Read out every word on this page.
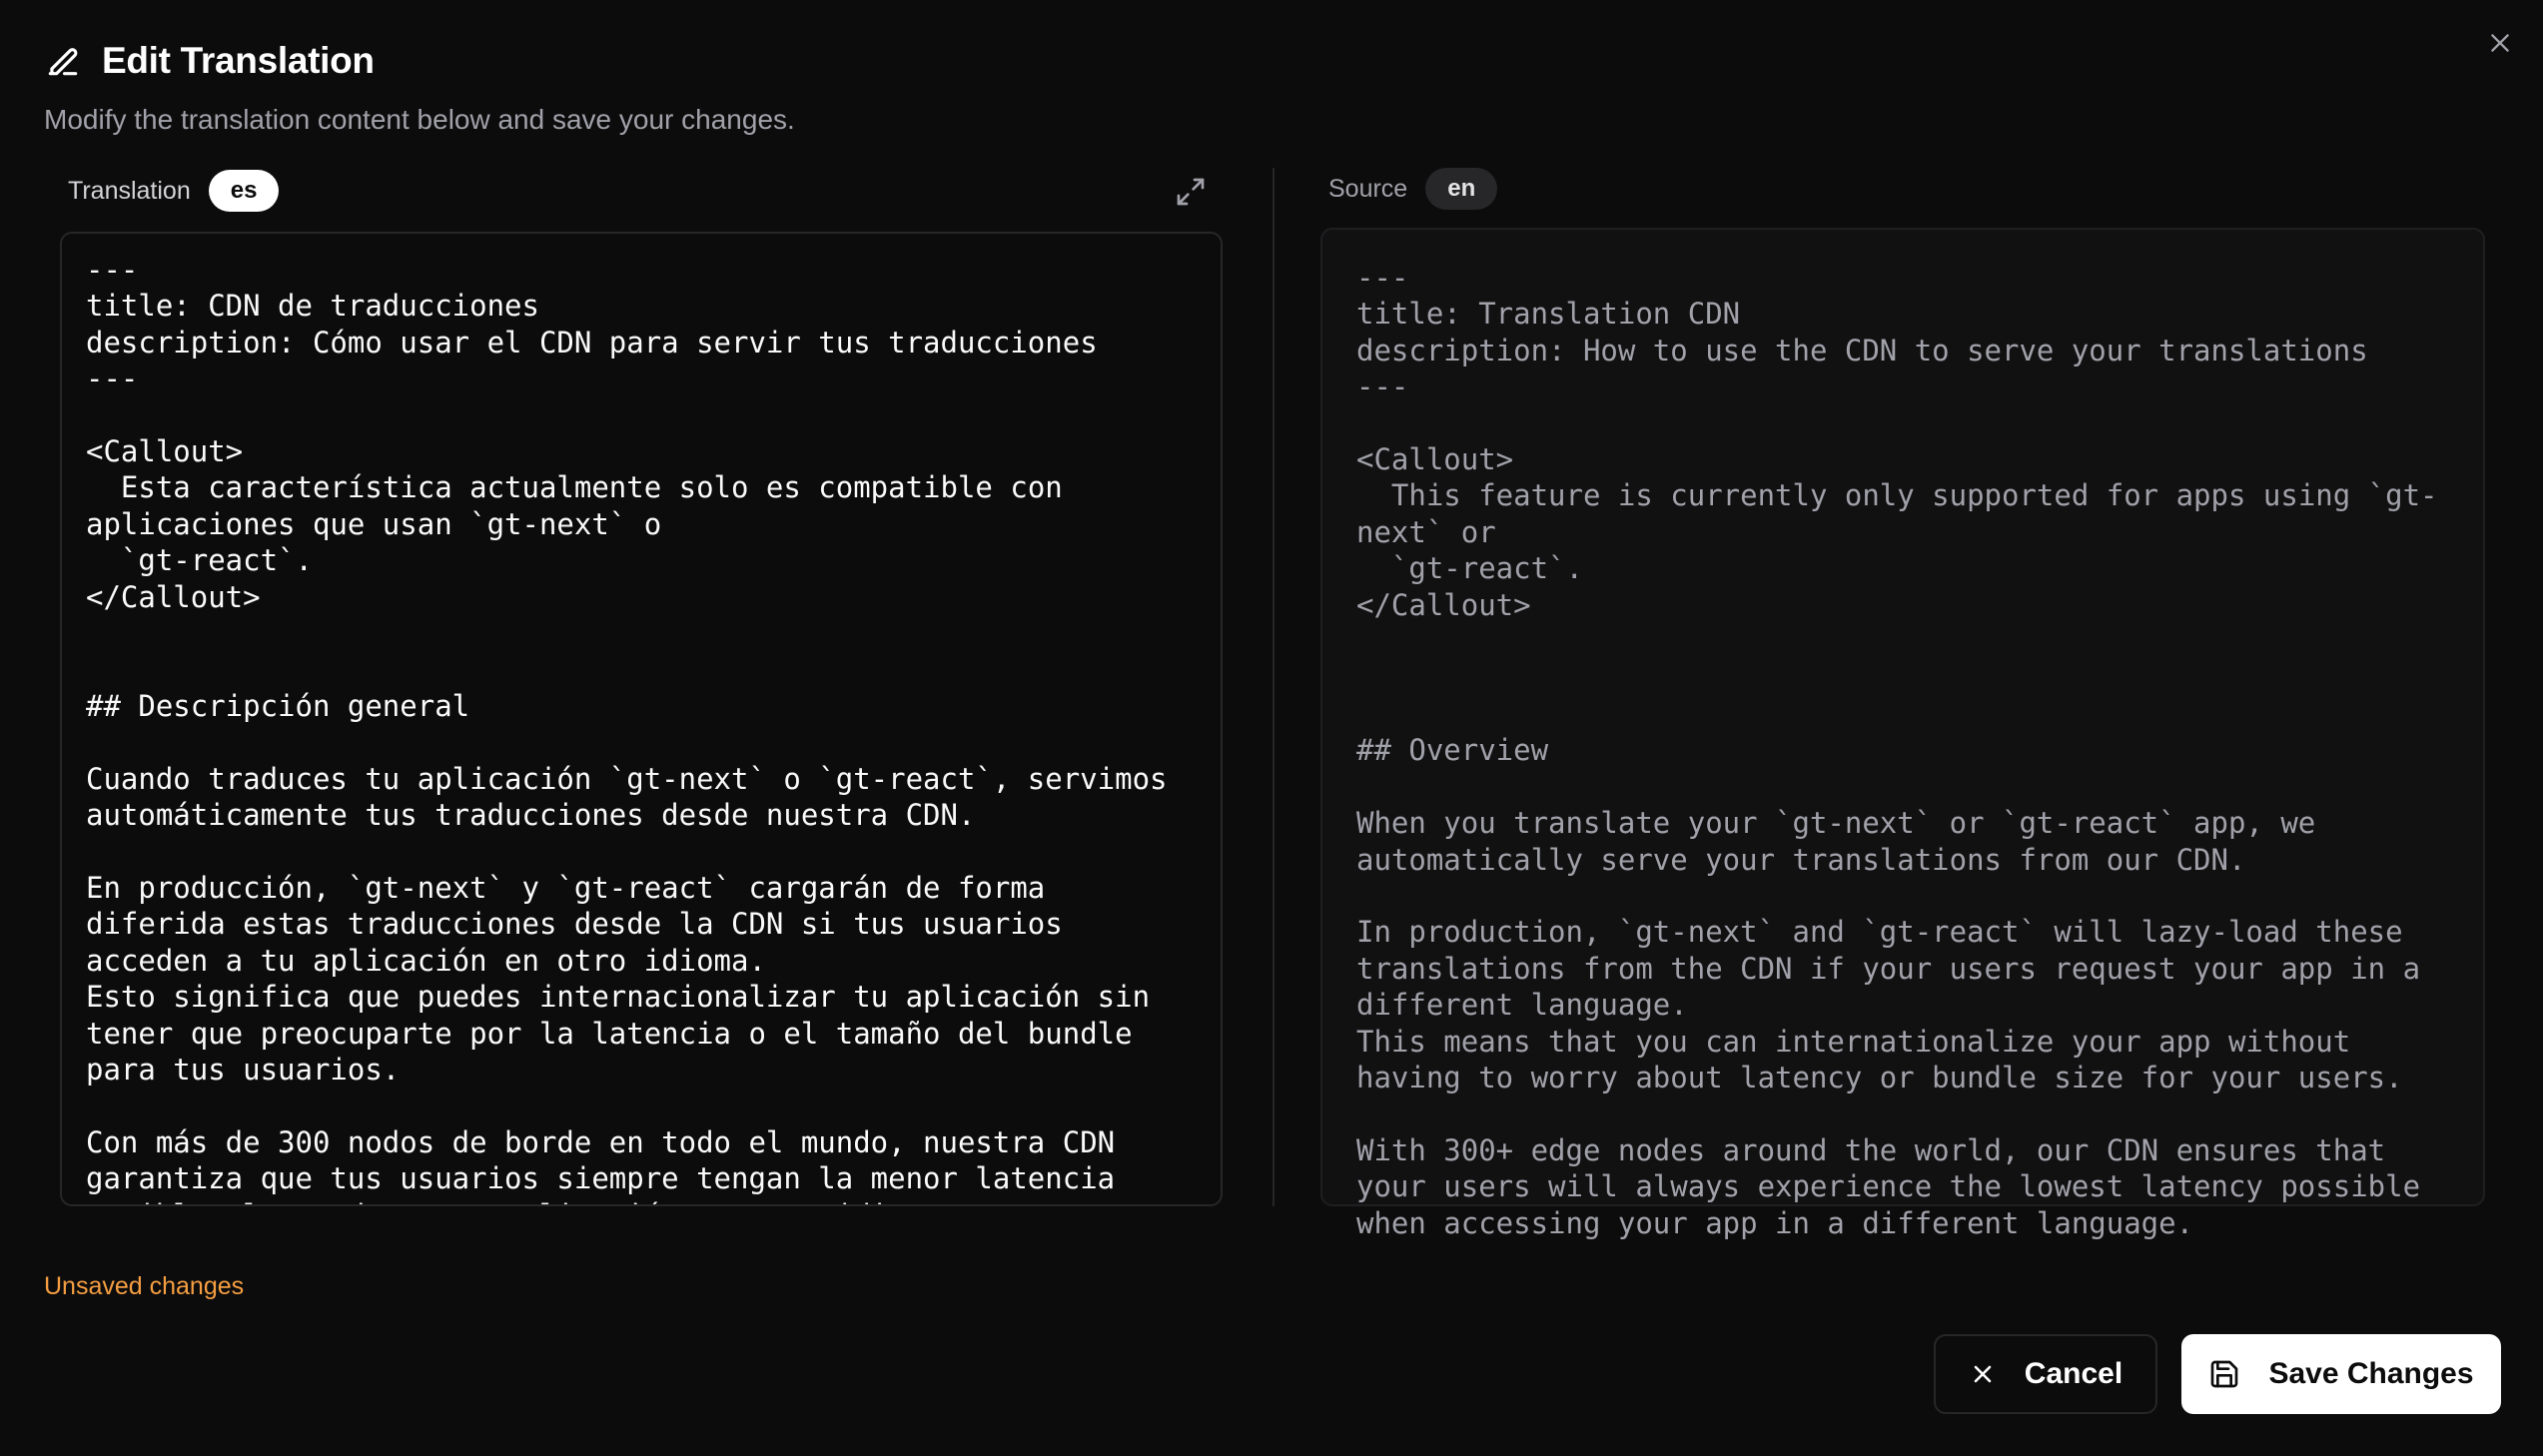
Edit Translation
Modify the translation content below and save your changes.
Translation	es
--- title: CDN de traducciones description: Cómo usar el CDN para servir tus traducciones --- <Callout> Esta característica actualmente solo es compatible con aplicaciones que usan `gt-next` o `gt-react`. </Callout> ## Descripción general Cuando traduces tu aplicación `gt-next` o `gt-react`, servimos automáticamente tus traducciones desde nuestra CDN. En producción, `gt-next` y `gt-react` cargarán de forma diferida estas traducciones desde la CDN si tus usuarios acceden a tu aplicación en otro idioma. Esto significa que puedes internacionalizar tu aplicación sin tener que preocuparte por la latencia o el tamaño del bundle para tus usuarios. Con más de 300 nodos de borde en todo el mundo, nuestra CDN garantiza que tus usuarios siempre tengan la menor latencia posible al acceder a tu aplicación en otro idioma.	Source	en
---
title: Translation CDN
description: How to use the CDN to serve your translations
---

<Callout>
This feature is currently only supported for apps using `gt-next` or
`gt-react`.
</Callout>

## Overview

When you translate your `gt-next` or `gt-react` app, we automatically serve your translations from our CDN.

In production, `gt-next` and `gt-react` will lazy-load these translations from the CDN if your users request your app in a different language.
This means that you can internationalize your app without having to worry about latency or bundle size for your users.

With 300+ edge nodes around the world, our CDN ensures that your users will always experience the lowest latency possible when accessing your app in a different language.
Unsaved changes
Cancel	Save Changes
